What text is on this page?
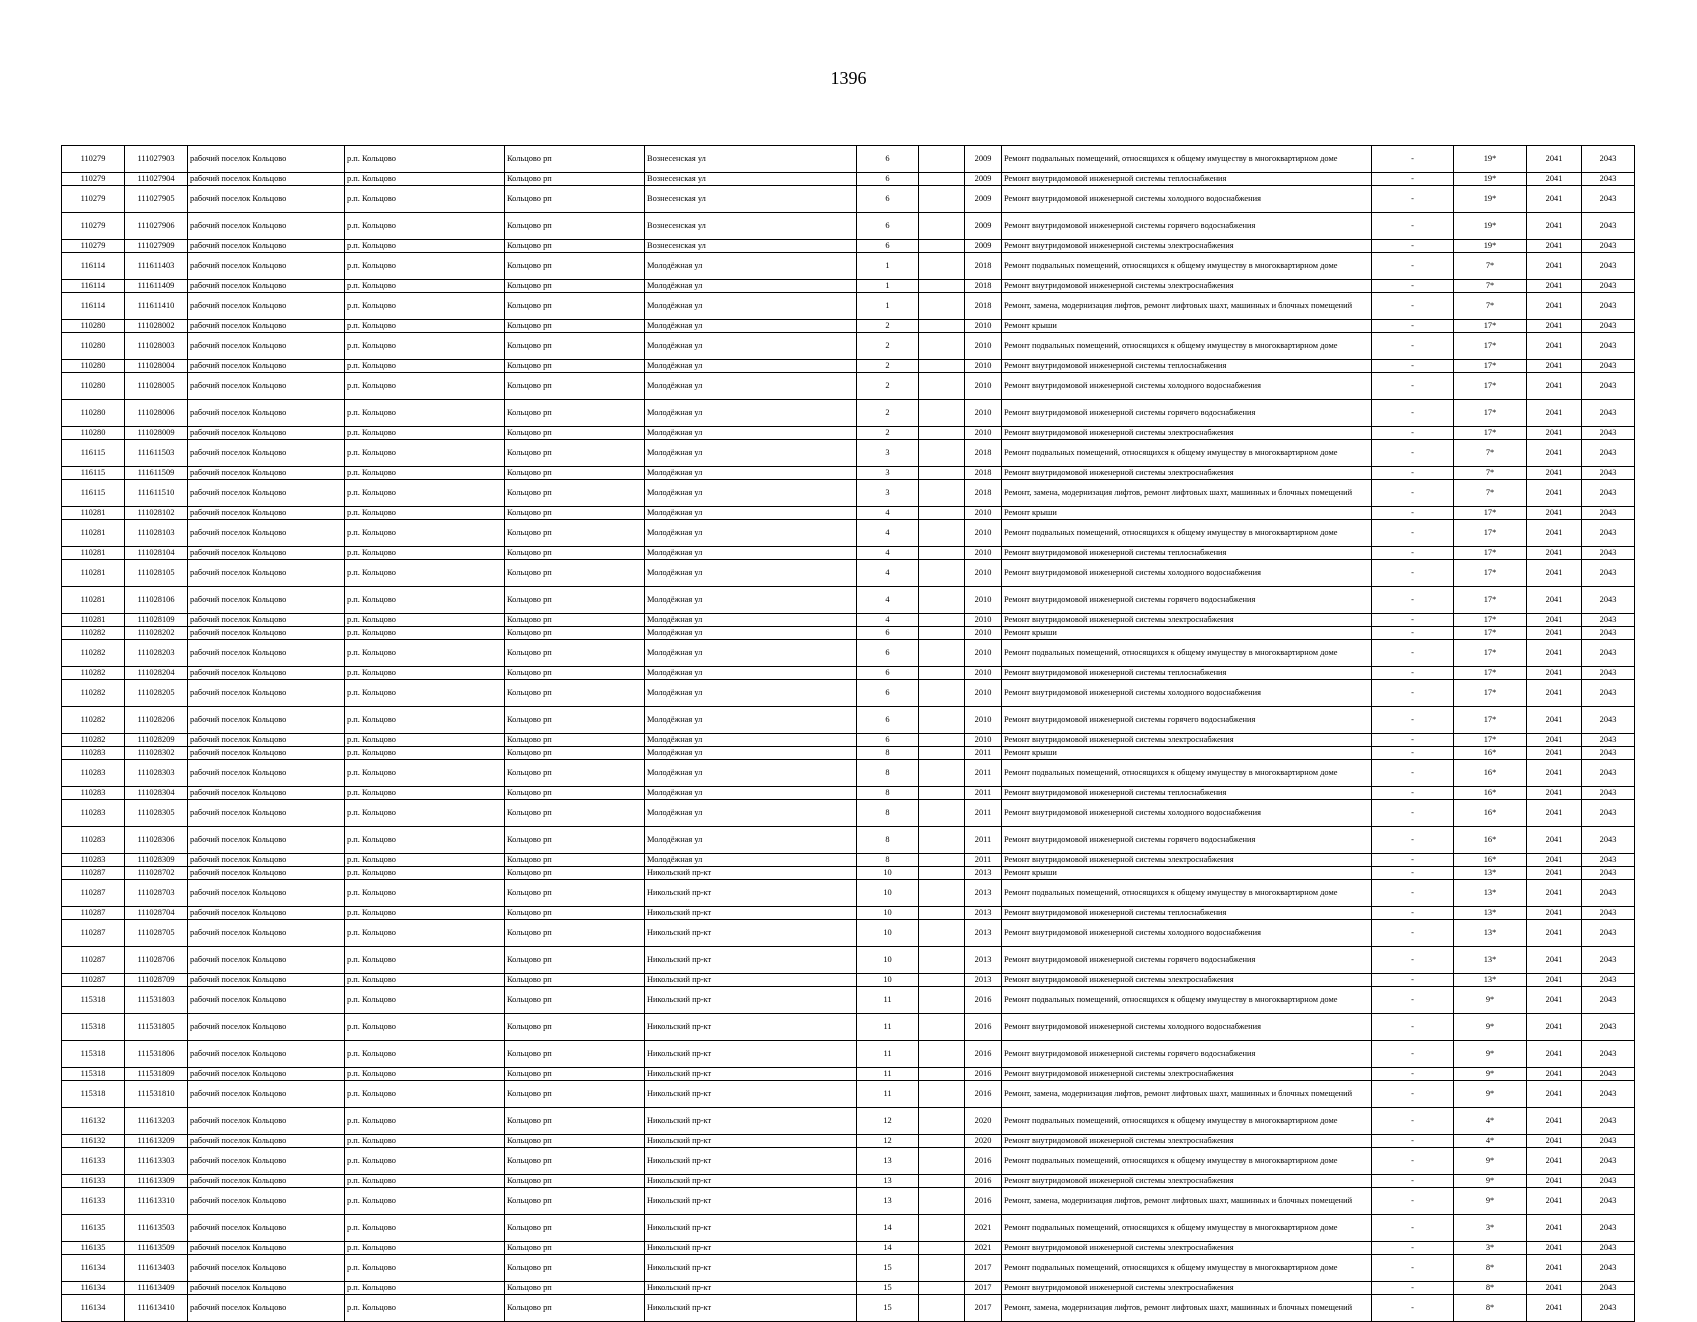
1396
110279	111027903	рабочий поселок Кольцово	р.п. Кольцово	Кольцово рп	Вознесенская ул	6		2009	Ремонт подвальных помещений, относящихся к общему имуществу в многоквартирном доме	-	19*	2041	2043
110279	111027904	рабочий поселок Кольцово	р.п. Кольцово	Кольцово рп	Вознесенская ул	6		2009	Ремонт внутридомовой инженерной системы теплоснабжения	-	19*	2041	2043
110279	111027905	рабочий поселок Кольцово	р.п. Кольцово	Кольцово рп	Вознесенская ул	6		2009	Ремонт внутридомовой инженерной системы холодного водоснабжения	-	19*	2041	2043
110279	111027906	рабочий поселок Кольцово	р.п. Кольцово	Кольцово рп	Вознесенская ул	6		2009	Ремонт внутридомовой инженерной системы горячего водоснабжения	-	19*	2041	2043
110279	111027909	рабочий поселок Кольцово	р.п. Кольцово	Кольцово рп	Вознесенская ул	6		2009	Ремонт внутридомовой инженерной системы электроснабжения	-	19*	2041	2043
116114	111611403	рабочий поселок Кольцово	р.п. Кольцово	Кольцово рп	Молодёжная ул	1		2018	Ремонт подвальных помещений, относящихся к общему имуществу в многоквартирном доме	-	7*	2041	2043
116114	111611409	рабочий поселок Кольцово	р.п. Кольцово	Кольцово рп	Молодёжная ул	1		2018	Ремонт внутридомовой инженерной системы электроснабжения	-	7*	2041	2043
116114	111611410	рабочий поселок Кольцово	р.п. Кольцово	Кольцово рп	Молодёжная ул	1		2018	Ремонт, замена, модернизация лифтов, ремонт лифтовых шахт, машинных и блочных помещений	-	7*	2041	2043
110280	111028002	рабочий поселок Кольцово	р.п. Кольцово	Кольцово рп	Молодёжная ул	2		2010	Ремонт крыши	-	17*	2041	2043
110280	111028003	рабочий поселок Кольцово	р.п. Кольцово	Кольцово рп	Молодёжная ул	2		2010	Ремонт подвальных помещений, относящихся к общему имуществу в многоквартирном доме	-	17*	2041	2043
110280	111028004	рабочий поселок Кольцово	р.п. Кольцово	Кольцово рп	Молодёжная ул	2		2010	Ремонт внутридомовой инженерной системы теплоснабжения	-	17*	2041	2043
110280	111028005	рабочий поселок Кольцово	р.п. Кольцово	Кольцово рп	Молодёжная ул	2		2010	Ремонт внутридомовой инженерной системы холодного водоснабжения	-	17*	2041	2043
110280	111028006	рабочий поселок Кольцово	р.п. Кольцово	Кольцово рп	Молодёжная ул	2		2010	Ремонт внутридомовой инженерной системы горячего водоснабжения	-	17*	2041	2043
110280	111028009	рабочий поселок Кольцово	р.п. Кольцово	Кольцово рп	Молодёжная ул	2		2010	Ремонт внутридомовой инженерной системы электроснабжения	-	17*	2041	2043
116115	111611503	рабочий поселок Кольцово	р.п. Кольцово	Кольцово рп	Молодёжная ул	3		2018	Ремонт подвальных помещений, относящихся к общему имуществу в многоквартирном доме	-	7*	2041	2043
116115	111611509	рабочий поселок Кольцово	р.п. Кольцово	Кольцово рп	Молодёжная ул	3		2018	Ремонт внутридомовой инженерной системы электроснабжения	-	7*	2041	2043
116115	111611510	рабочий поселок Кольцово	р.п. Кольцово	Кольцово рп	Молодёжная ул	3		2018	Ремонт, замена, модернизация лифтов, ремонт лифтовых шахт, машинных и блочных помещений	-	7*	2041	2043
110281	111028102	рабочий поселок Кольцово	р.п. Кольцово	Кольцово рп	Молодёжная ул	4		2010	Ремонт крыши	-	17*	2041	2043
110281	111028103	рабочий поселок Кольцово	р.п. Кольцово	Кольцово рп	Молодёжная ул	4		2010	Ремонт подвальных помещений, относящихся к общему имуществу в многоквартирном доме	-	17*	2041	2043
110281	111028104	рабочий поселок Кольцово	р.п. Кольцово	Кольцово рп	Молодёжная ул	4		2010	Ремонт внутридомовой инженерной системы теплоснабжения	-	17*	2041	2043
110281	111028105	рабочий поселок Кольцово	р.п. Кольцово	Кольцово рп	Молодёжная ул	4		2010	Ремонт внутридомовой инженерной системы холодного водоснабжения	-	17*	2041	2043
110281	111028106	рабочий поселок Кольцово	р.п. Кольцово	Кольцово рп	Молодёжная ул	4		2010	Ремонт внутридомовой инженерной системы горячего водоснабжения	-	17*	2041	2043
110281	111028109	рабочий поселок Кольцово	р.п. Кольцово	Кольцово рп	Молодёжная ул	4		2010	Ремонт внутридомовой инженерной системы электроснабжения	-	17*	2041	2043
110282	111028202	рабочий поселок Кольцово	р.п. Кольцово	Кольцово рп	Молодёжная ул	6		2010	Ремонт крыши	-	17*	2041	2043
110282	111028203	рабочий поселок Кольцово	р.п. Кольцово	Кольцово рп	Молодёжная ул	6		2010	Ремонт подвальных помещений, относящихся к общему имуществу в многоквартирном доме	-	17*	2041	2043
110282	111028204	рабочий поселок Кольцово	р.п. Кольцово	Кольцово рп	Молодёжная ул	6		2010	Ремонт внутридомовой инженерной системы теплоснабжения	-	17*	2041	2043
110282	111028205	рабочий поселок Кольцово	р.п. Кольцово	Кольцово рп	Молодёжная ул	6		2010	Ремонт внутридомовой инженерной системы холодного водоснабжения	-	17*	2041	2043
110282	111028206	рабочий поселок Кольцово	р.п. Кольцово	Кольцово рп	Молодёжная ул	6		2010	Ремонт внутридомовой инженерной системы горячего водоснабжения	-	17*	2041	2043
110282	111028209	рабочий поселок Кольцово	р.п. Кольцово	Кольцово рп	Молодёжная ул	6		2010	Ремонт внутридомовой инженерной системы электроснабжения	-	17*	2041	2043
110283	111028302	рабочий поселок Кольцово	р.п. Кольцово	Кольцово рп	Молодёжная ул	8		2011	Ремонт крыши	-	16*	2041	2043
110283	111028303	рабочий поселок Кольцово	р.п. Кольцово	Кольцово рп	Молодёжная ул	8		2011	Ремонт подвальных помещений, относящихся к общему имуществу в многоквартирном доме	-	16*	2041	2043
110283	111028304	рабочий поселок Кольцово	р.п. Кольцово	Кольцово рп	Молодёжная ул	8		2011	Ремонт внутридомовой инженерной системы теплоснабжения	-	16*	2041	2043
110283	111028305	рабочий поселок Кольцово	р.п. Кольцово	Кольцово рп	Молодёжная ул	8		2011	Ремонт внутридомовой инженерной системы холодного водоснабжения	-	16*	2041	2043
110283	111028306	рабочий поселок Кольцово	р.п. Кольцово	Кольцово рп	Молодёжная ул	8		2011	Ремонт внутридомовой инженерной системы горячего водоснабжения	-	16*	2041	2043
110283	111028309	рабочий поселок Кольцово	р.п. Кольцово	Кольцово рп	Молодёжная ул	8		2011	Ремонт внутридомовой инженерной системы электроснабжения	-	16*	2041	2043
110287	111028702	рабочий поселок Кольцово	р.п. Кольцово	Кольцово рп	Никольский пр-кт	10		2013	Ремонт крыши	-	13*	2041	2043
110287	111028703	рабочий поселок Кольцово	р.п. Кольцово	Кольцово рп	Никольский пр-кт	10		2013	Ремонт подвальных помещений, относящихся к общему имуществу в многоквартирном доме	-	13*	2041	2043
110287	111028704	рабочий поселок Кольцово	р.п. Кольцово	Кольцово рп	Никольский пр-кт	10		2013	Ремонт внутридомовой инженерной системы теплоснабжения	-	13*	2041	2043
110287	111028705	рабочий поселок Кольцово	р.п. Кольцово	Кольцово рп	Никольский пр-кт	10		2013	Ремонт внутридомовой инженерной системы холодного водоснабжения	-	13*	2041	2043
110287	111028706	рабочий поселок Кольцово	р.п. Кольцово	Кольцово рп	Никольский пр-кт	10		2013	Ремонт внутридомовой инженерной системы горячего водоснабжения	-	13*	2041	2043
110287	111028709	рабочий поселок Кольцово	р.п. Кольцово	Кольцово рп	Никольский пр-кт	10		2013	Ремонт внутридомовой инженерной системы электроснабжения	-	13*	2041	2043
115318	111531803	рабочий поселок Кольцово	р.п. Кольцово	Кольцово рп	Никольский пр-кт	11		2016	Ремонт подвальных помещений, относящихся к общему имуществу в многоквартирном доме	-	9*	2041	2043
115318	111531805	рабочий поселок Кольцово	р.п. Кольцово	Кольцово рп	Никольский пр-кт	11		2016	Ремонт внутридомовой инженерной системы холодного водоснабжения	-	9*	2041	2043
115318	111531806	рабочий поселок Кольцово	р.п. Кольцово	Кольцово рп	Никольский пр-кт	11		2016	Ремонт внутридомовой инженерной системы горячего водоснабжения	-	9*	2041	2043
115318	111531809	рабочий поселок Кольцово	р.п. Кольцово	Кольцово рп	Никольский пр-кт	11		2016	Ремонт внутридомовой инженерной системы электроснабжения	-	9*	2041	2043
115318	111531810	рабочий поселок Кольцово	р.п. Кольцово	Кольцово рп	Никольский пр-кт	11		2016	Ремонт, замена, модернизация лифтов, ремонт лифтовых шахт, машинных и блочных помещений	-	9*	2041	2043
116132	111613203	рабочий поселок Кольцово	р.п. Кольцово	Кольцово рп	Никольский пр-кт	12		2020	Ремонт подвальных помещений, относящихся к общему имуществу в многоквартирном доме	-	4*	2041	2043
116132	111613209	рабочий поселок Кольцово	р.п. Кольцово	Кольцово рп	Никольский пр-кт	12		2020	Ремонт внутридомовой инженерной системы электроснабжения	-	4*	2041	2043
116133	111613303	рабочий поселок Кольцово	р.п. Кольцово	Кольцово рп	Никольский пр-кт	13		2016	Ремонт подвальных помещений, относящихся к общему имуществу в многоквартирном доме	-	9*	2041	2043
116133	111613309	рабочий поселок Кольцово	р.п. Кольцово	Кольцово рп	Никольский пр-кт	13		2016	Ремонт внутридомовой инженерной системы электроснабжения	-	9*	2041	2043
116133	111613310	рабочий поселок Кольцово	р.п. Кольцово	Кольцово рп	Никольский пр-кт	13		2016	Ремонт, замена, модернизация лифтов, ремонт лифтовых шахт, машинных и блочных помещений	-	9*	2041	2043
116135	111613503	рабочий поселок Кольцово	р.п. Кольцово	Кольцово рп	Никольский пр-кт	14		2021	Ремонт подвальных помещений, относящихся к общему имуществу в многоквартирном доме	-	3*	2041	2043
116135	111613509	рабочий поселок Кольцово	р.п. Кольцово	Кольцово рп	Никольский пр-кт	14		2021	Ремонт внутридомовой инженерной системы электроснабжения	-	3*	2041	2043
116134	111613403	рабочий поселок Кольцово	р.п. Кольцово	Кольцово рп	Никольский пр-кт	15		2017	Ремонт подвальных помещений, относящихся к общему имуществу в многоквартирном доме	-	8*	2041	2043
116134	111613409	рабочий поселок Кольцово	р.п. Кольцово	Кольцово рп	Никольский пр-кт	15		2017	Ремонт внутридомовой инженерной системы электроснабжения	-	8*	2041	2043
116134	111613410	рабочий поселок Кольцово	р.п. Кольцово	Кольцово рп	Никольский пр-кт	15		2017	Ремонт, замена, модернизация лифтов, ремонт лифтовых шахт, машинных и блочных помещений	-	8*	2041	2043
